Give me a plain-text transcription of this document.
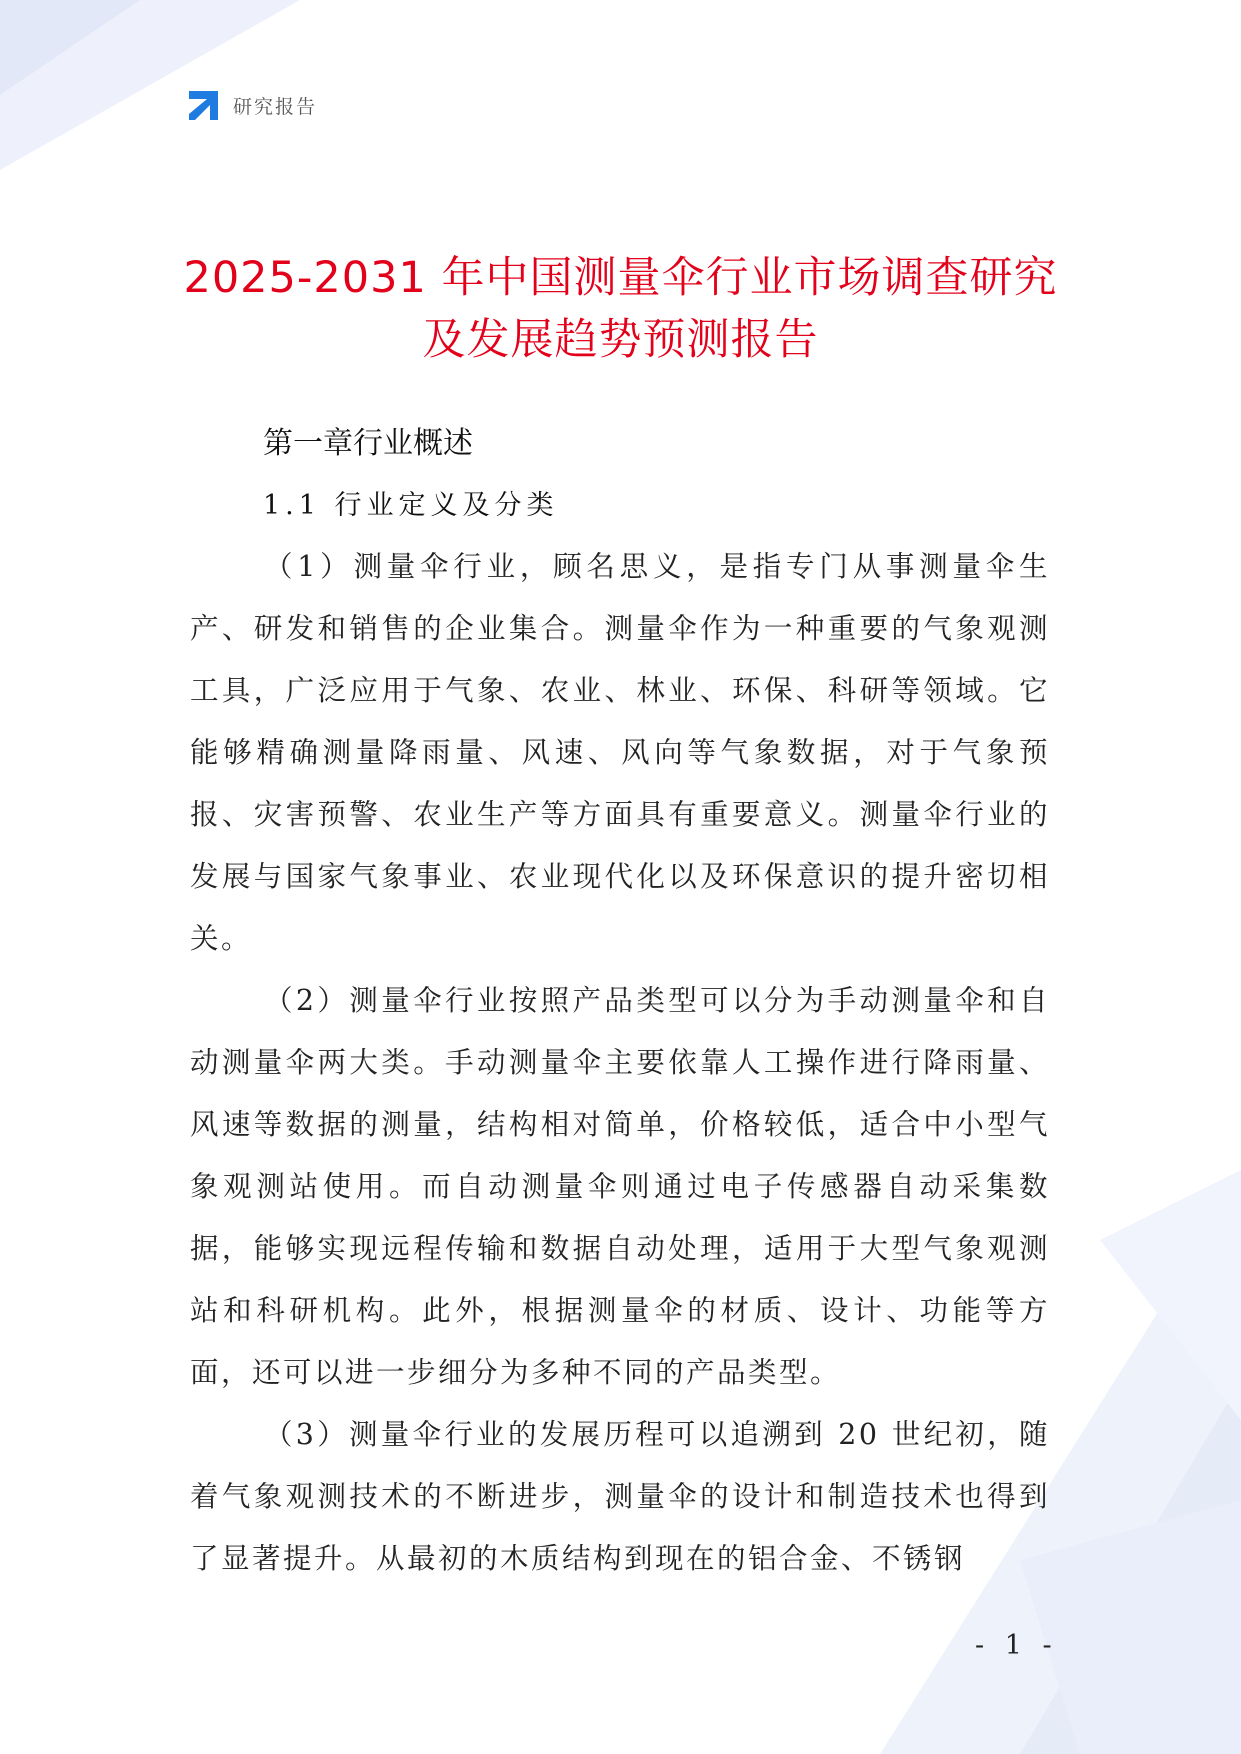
研究报告
2025-2031 年中国测量伞行业市场调查研究
及发展趋势预测报告
第一章行业概述
1.1 行业定义及分类

（1）测量伞行业，顾名思义，是指专门从事测量伞生产、研发和销售的企业集合。测量伞作为一种重要的气象观测工具，广泛应用于气象、农业、林业、环保、科研等领域。它能够精确测量降雨量、风速、风向等气象数据，对于气象预报、灾害预警、农业生产等方面具有重要意义。测量伞行业的发展与国家气象事业、农业现代化以及环保意识的提升密切相关。

（2）测量伞行业按照产品类型可以分为手动测量伞和自动测量伞两大类。手动测量伞主要依靠人工操作进行降雨量、风速等数据的测量，结构相对简单，价格较低，适合中小型气象观测站使用。而自动测量伞则通过电子传感器自动采集数据，能够实现远程传输和数据自动处理，适用于大型气象观测站和科研机构。此外，根据测量伞的材质、设计、功能等方面，还可以进一步细分为多种不同的产品类型。

（3）测量伞行业的发展历程可以追溯到 20 世纪初，随着气象观测技术的不断进步，测量伞的设计和制造技术也得到了显著提升。从最初的木质结构到现在的铝合金、不锈钢

- 1 -
